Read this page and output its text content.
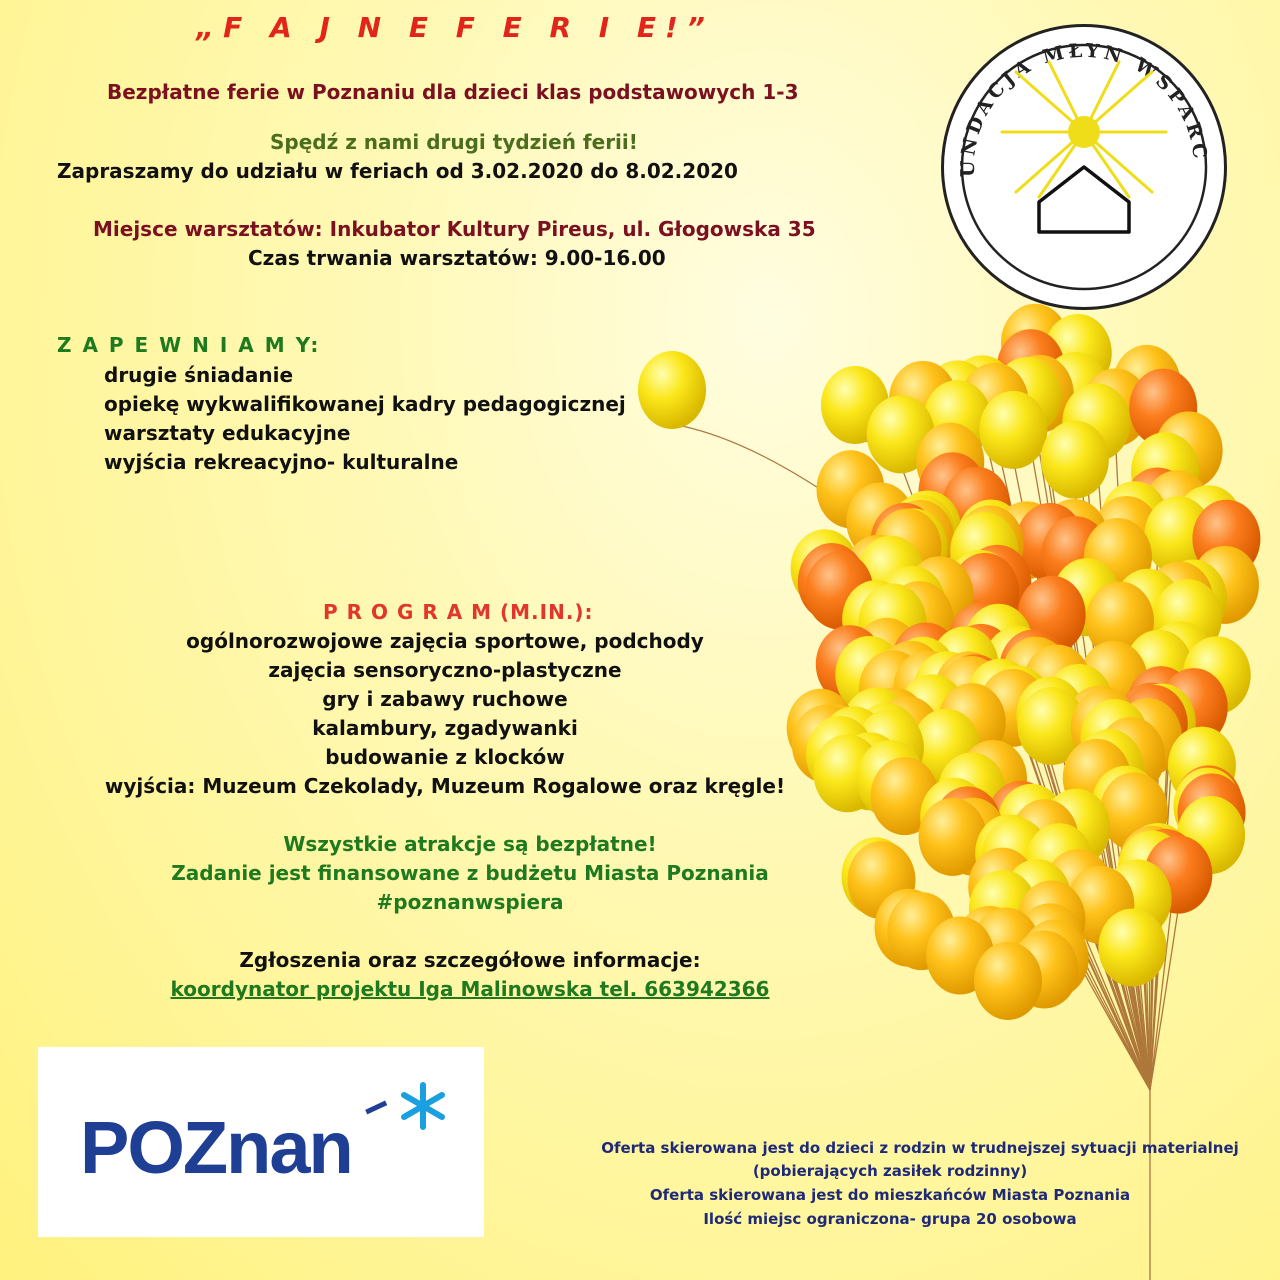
„F A J N E F E R I E!”
Bezpłatne ferie w Poznaniu dla dzieci klas podstawowych 1-3
Spędź z nami drugi tydzień ferii!
Zapraszamy do udziału w feriach od 3.02.2020 do 8.02.2020
Miejsce warsztatów: Inkubator Kultury Pireus, ul. Głogowska 35
Czas trwania warsztatów: 9.00-16.00
Z A P E W N I A M Y:
drugie śniadanie
opiekę wykwalifikowanej kadry pedagogicznej
warsztaty edukacyjne
wyjścia rekreacyjno- kulturalne
P R O G R A M (M.IN.):
ogólnorozwojowe zajęcia sportowe, podchody
zajęcia sensoryczno-plastyczne
gry i zabawy ruchowe
kalambury, zgadywanki
budowanie z klocków
wyjścia: Muzeum Czekolady, Muzeum Rogalowe oraz kręgle!
Wszystkie atrakcje są bezpłatne!
Zadanie jest finansowane z budżetu Miasta Poznania
#poznanwspiera
Zgłoszenia oraz szczegółowe informacje:
koordynator projektu Iga Malinowska tel. 663942366
Oferta skierowana jest do dzieci z rodzin w trudnejszej sytuacji materialnej
(pobierających zasiłek rodzinny)
Oferta skierowana jest do mieszkańców Miasta Poznania
Ilość miejsc ograniczona- grupa 20 osobowa
UNDACJA MŁYN WSPARC
POZnan
